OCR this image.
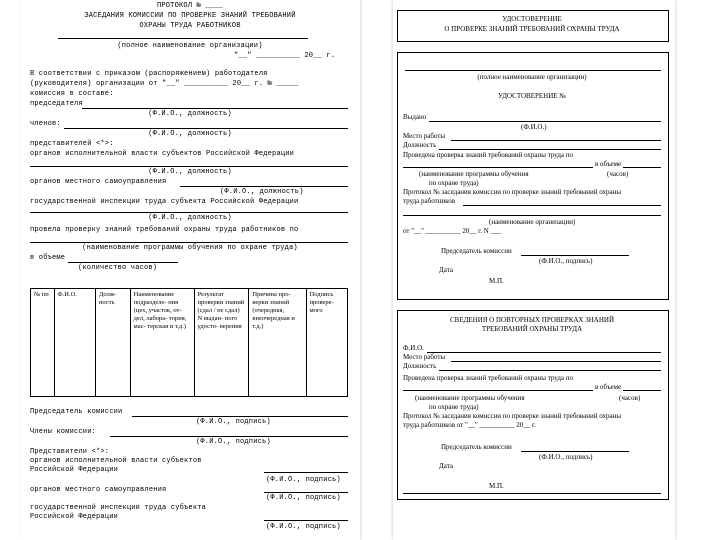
ПРОТОКОЛ № ____
ЗАСЕДАНИЯ КОМИССИИ ПО ПРОВЕРКЕ ЗНАНИЙ ТРЕБОВАНИЙ
ОХРАНЫ ТРУДА РАБОТНИКОВ
(полное наименование организации)
"__" __________ 20__ г.
В соответствии с приказом (распоряжением) работодателя
(руководителя) организации от "__" __________ 20__ г. № _____
комиссия в составе:
председателя
(Ф.И.О., должность)
членов:
(Ф.И.О., должность)
представителей <*>:
органов исполнительной власти субъектов Российской Федерации
(Ф.И.О., должность)
органов местного самоуправления
(Ф.И.О., должность)
государственной инспекции труда субъекта Российской Федерации
(Ф.И.О., должность)
провела проверку знаний требований охраны труда работников по
(наименование программы обучения по охране труда)
в объеме
(количество часов)
№ пп	Ф.И.О.	Долж- ность	Наименование подразделе- ния (цех, участок, от- дел, лабора- тория, мас- терская и т.д.)	Результат проверки знаний (сдал / не сдал) N выдан- ного удосто- верения	Причина про- верки знаний (очередная, внеочередная и т.д.)	Подпись провере- мого
Председатель комиссии
(Ф.И.О., подпись)
Члены комиссии:
(Ф.И.О., подпись)
Представители <*>:
органов исполнительной власти субъектов
Российской Федерации
(Ф.И.О., подпись)
органов местного самоуправления
(Ф.И.О., подпись)
государственной инспекции труда субъекта
Российской Федерации
(Ф.И.О., подпись)
УДОСТОВЕРЕНИЕ
О ПРОВЕРКЕ ЗНАНИЙ ТРЕБОВАНИЙ ОХРАНЫ ТРУДА
(полное наименование организации)
УДОСТОВЕРЕНИЕ №
Выдано
(Ф.И.О.)
Место работы
Должность
Проведена проверка знаний требований охраны труда по
в объеме
(наименование программы обучения	(часов)
по охране труда)
Протокол № заседания комиссии по проверке знаний требований охраны
труда работников
(наименование организации)
от "__" __________ 20__ г. N ___
Председатель комиссии
(Ф.И.О., подпись)
Дата
М.П.
СВЕДЕНИЯ О ПОВТОРНЫХ ПРОВЕРКАХ ЗНАНИЙ
ТРЕБОВАНИЙ ОХРАНЫ ТРУДА
Ф.И.О.
Место работы
Должность
Проведена проверка знаний требований охраны труда по
в объеме
(наименование программы обучения	(часов)
по охране труда)
Протокол № заседания комиссии по проверке знаний требований охраны
труда работников от "__" __________ 20__ г.
Председатель комиссии
(Ф.И.О., подпись)
Дата
М.П.
